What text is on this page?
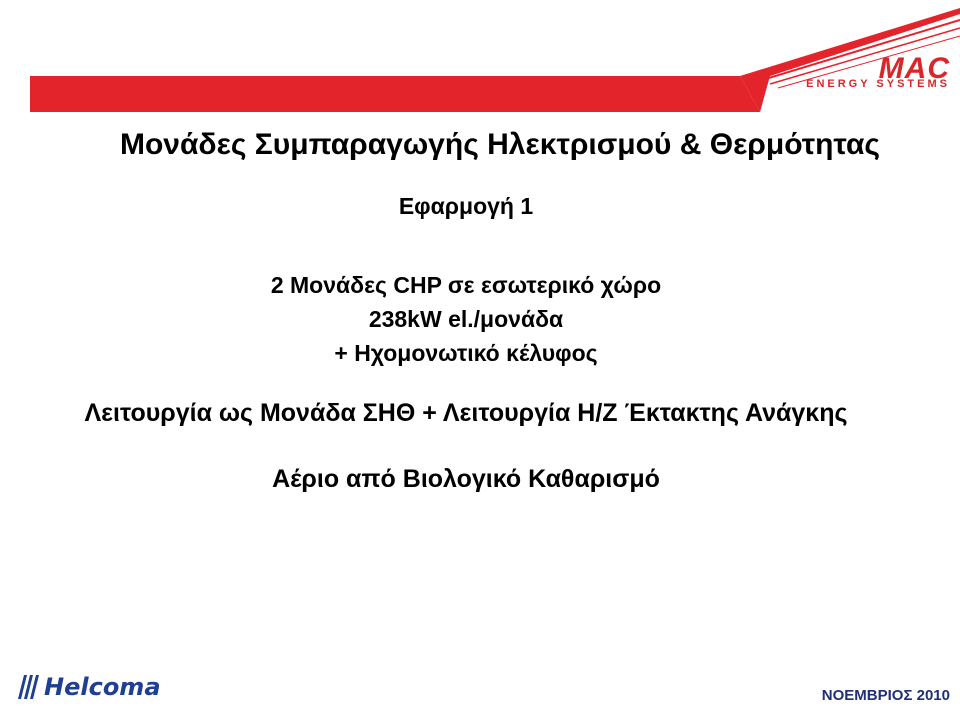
MAC
ENERGY SYSTEMS
Μονάδες Συμπαραγωγής Ηλεκτρισμού & Θερμότητας
Εφαρμογή 1
2 Μονάδες CHP σε εσωτερικό χώρο
238kW el./μονάδα
+ Ηχομονωτικό κέλυφος
Λειτουργία ως Μονάδα ΣΗΘ + Λειτουργία Η/Ζ Έκτακτης Ανάγκης
Αέριο από Βιολογικό Καθαρισμό
Helcoma	ΝΟΕΜΒΡΙΟΣ 2010
